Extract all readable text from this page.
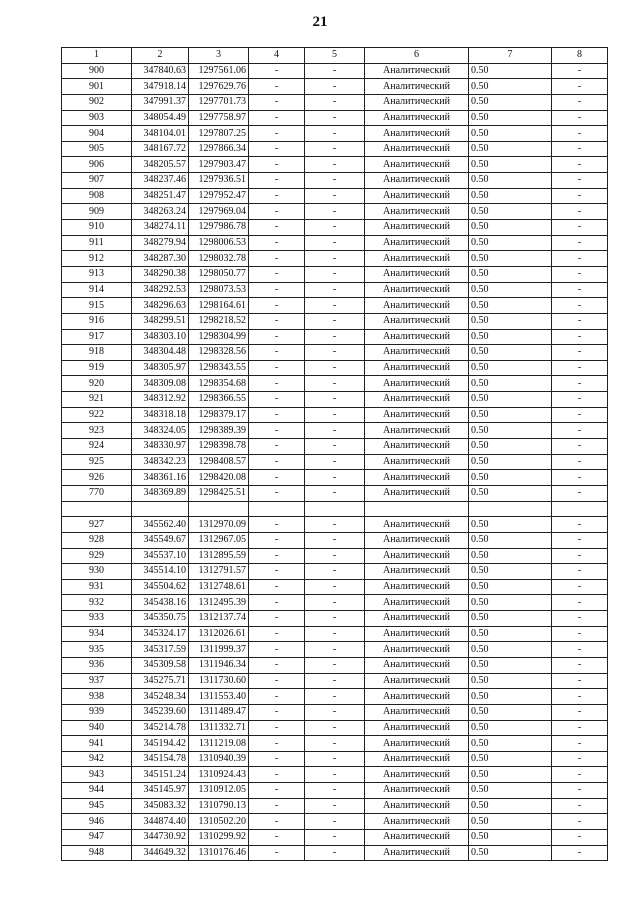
21
1	2	3	4	5	6	7	8
900	347840.63	1297561.06	-	-	Аналитический	0.50	-
901	347918.14	1297629.76	-	-	Аналитический	0.50	-
902	347991.37	1297701.73	-	-	Аналитический	0.50	-
903	348054.49	1297758.97	-	-	Аналитический	0.50	-
904	348104.01	1297807.25	-	-	Аналитический	0.50	-
905	348167.72	1297866.34	-	-	Аналитический	0.50	-
906	348205.57	1297903.47	-	-	Аналитический	0.50	-
907	348237.46	1297936.51	-	-	Аналитический	0.50	-
908	348251.47	1297952.47	-	-	Аналитический	0.50	-
909	348263.24	1297969.04	-	-	Аналитический	0.50	-
910	348274.11	1297986.78	-	-	Аналитический	0.50	-
911	348279.94	1298006.53	-	-	Аналитический	0.50	-
912	348287.30	1298032.78	-	-	Аналитический	0.50	-
913	348290.38	1298050.77	-	-	Аналитический	0.50	-
914	348292.53	1298073.53	-	-	Аналитический	0.50	-
915	348296.63	1298164.61	-	-	Аналитический	0.50	-
916	348299.51	1298218.52	-	-	Аналитический	0.50	-
917	348303.10	1298304.99	-	-	Аналитический	0.50	-
918	348304.48	1298328.56	-	-	Аналитический	0.50	-
919	348305.97	1298343.55	-	-	Аналитический	0.50	-
920	348309.08	1298354.68	-	-	Аналитический	0.50	-
921	348312.92	1298366.55	-	-	Аналитический	0.50	-
922	348318.18	1298379.17	-	-	Аналитический	0.50	-
923	348324.05	1298389.39	-	-	Аналитический	0.50	-
924	348330.97	1298398.78	-	-	Аналитический	0.50	-
925	348342.23	1298408.57	-	-	Аналитический	0.50	-
926	348361.16	1298420.08	-	-	Аналитический	0.50	-
770	348369.89	1298425.51	-	-	Аналитический	0.50	-

927	345562.40	1312970.09	-	-	Аналитический	0.50	-
928	345549.67	1312967.05	-	-	Аналитический	0.50	-
929	345537.10	1312895.59	-	-	Аналитический	0.50	-
930	345514.10	1312791.57	-	-	Аналитический	0.50	-
931	345504.62	1312748.61	-	-	Аналитический	0.50	-
932	345438.16	1312495.39	-	-	Аналитический	0.50	-
933	345350.75	1312137.74	-	-	Аналитический	0.50	-
934	345324.17	1312026.61	-	-	Аналитический	0.50	-
935	345317.59	1311999.37	-	-	Аналитический	0.50	-
936	345309.58	1311946.34	-	-	Аналитический	0.50	-
937	345275.71	1311730.60	-	-	Аналитический	0.50	-
938	345248.34	1311553.40	-	-	Аналитический	0.50	-
939	345239.60	1311489.47	-	-	Аналитический	0.50	-
940	345214.78	1311332.71	-	-	Аналитический	0.50	-
941	345194.42	1311219.08	-	-	Аналитический	0.50	-
942	345154.78	1310940.39	-	-	Аналитический	0.50	-
943	345151.24	1310924.43	-	-	Аналитический	0.50	-
944	345145.97	1310912.05	-	-	Аналитический	0.50	-
945	345083.32	1310790.13	-	-	Аналитический	0.50	-
946	344874.40	1310502.20	-	-	Аналитический	0.50	-
947	344730.92	1310299.92	-	-	Аналитический	0.50	-
948	344649.32	1310176.46	-	-	Аналитический	0.50	-
